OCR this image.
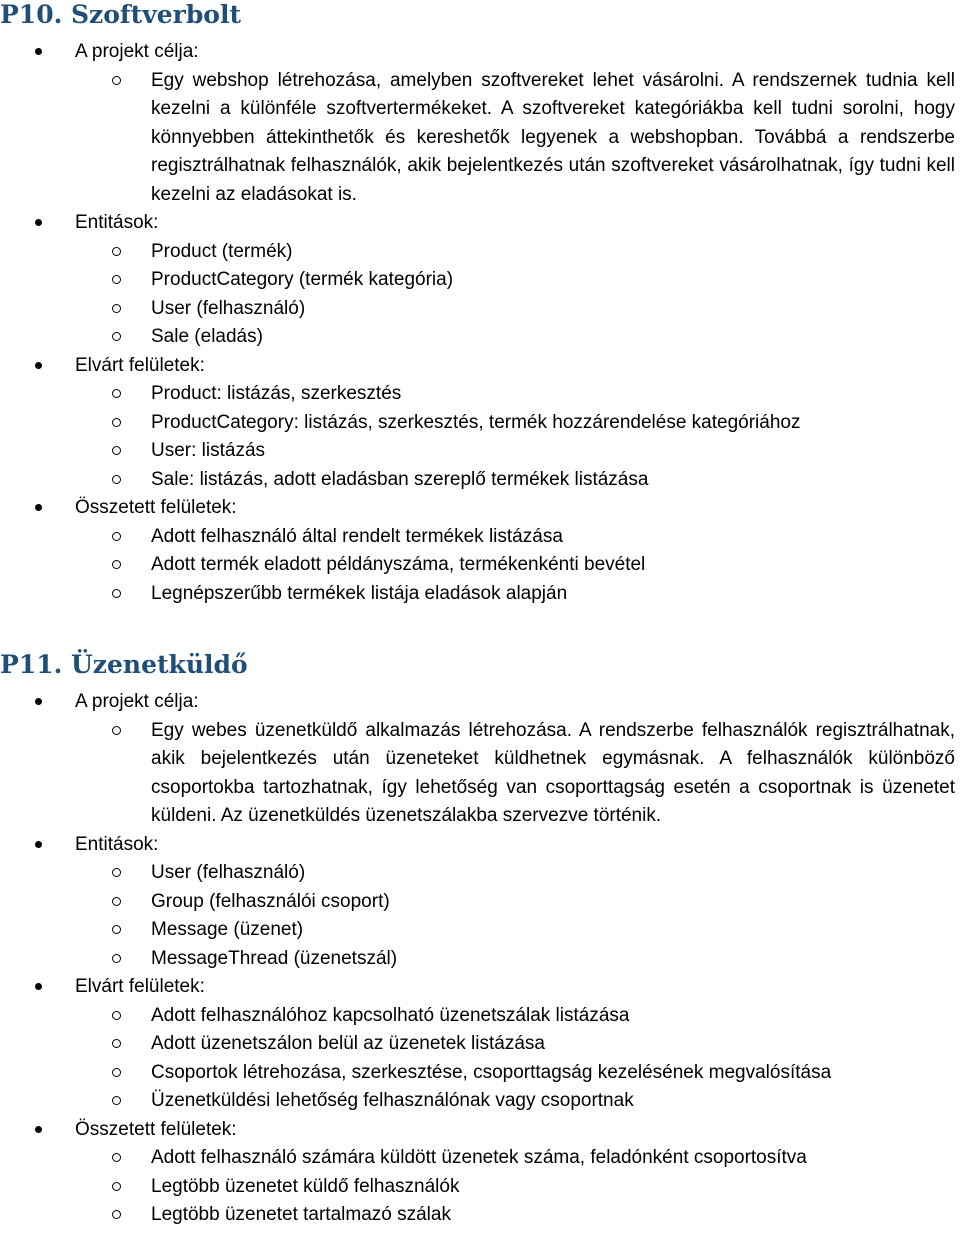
P10. Szoftverbolt
A projekt célja:
Egy webshop létrehozása, amelyben szoftvereket lehet vásárolni. A rendszernek tudnia kell kezelni a különféle szoftvertermékeket. A szoftvereket kategóriákba kell tudni sorolni, hogy könnyebben áttekinthetők és kereshetők legyenek a webshopban. Továbbá a rendszerbe regisztrálhatnak felhasználók, akik bejelentkezés után szoftvereket vásárolhatnak, így tudni kell kezelni az eladásokat is.
Entitások:
Product (termék)
ProductCategory (termék kategória)
User (felhasználó)
Sale (eladás)
Elvárt felületek:
Product: listázás, szerkesztés
ProductCategory: listázás, szerkesztés, termék hozzárendelése kategóriához
User: listázás
Sale: listázás, adott eladásban szereplő termékek listázása
Összetett felületek:
Adott felhasználó által rendelt termékek listázása
Adott termék eladott példányszáma, termékenkénti bevétel
Legnépszerűbb termékek listája eladások alapján
P11. Üzenetküldő
A projekt célja:
Egy webes üzenetküldő alkalmazás létrehozása. A rendszerbe felhasználók regisztrálhatnak, akik bejelentkezés után üzeneteket küldhetnek egymásnak. A felhasználók különböző csoportokba tartozhatnak, így lehetőség van csoporttagság esetén a csoportnak is üzenetet küldeni. Az üzenetküldés üzenetszálakba szervezve történik.
Entitások:
User (felhasználó)
Group (felhasználói csoport)
Message (üzenet)
MessageThread (üzenetszál)
Elvárt felületek:
Adott felhasználóhoz kapcsolható üzenetszálak listázása
Adott üzenetszálon belül az üzenetek listázása
Csoportok létrehozása, szerkesztése, csoporttagság kezelésének megvalósítása
Üzenetküldési lehetőség felhasználónak vagy csoportnak
Összetett felületek:
Adott felhasználó számára küldött üzenetek száma, feladónként csoportosítva
Legtöbb üzenetet küldő felhasználók
Legtöbb üzenetet tartalmazó szálak
